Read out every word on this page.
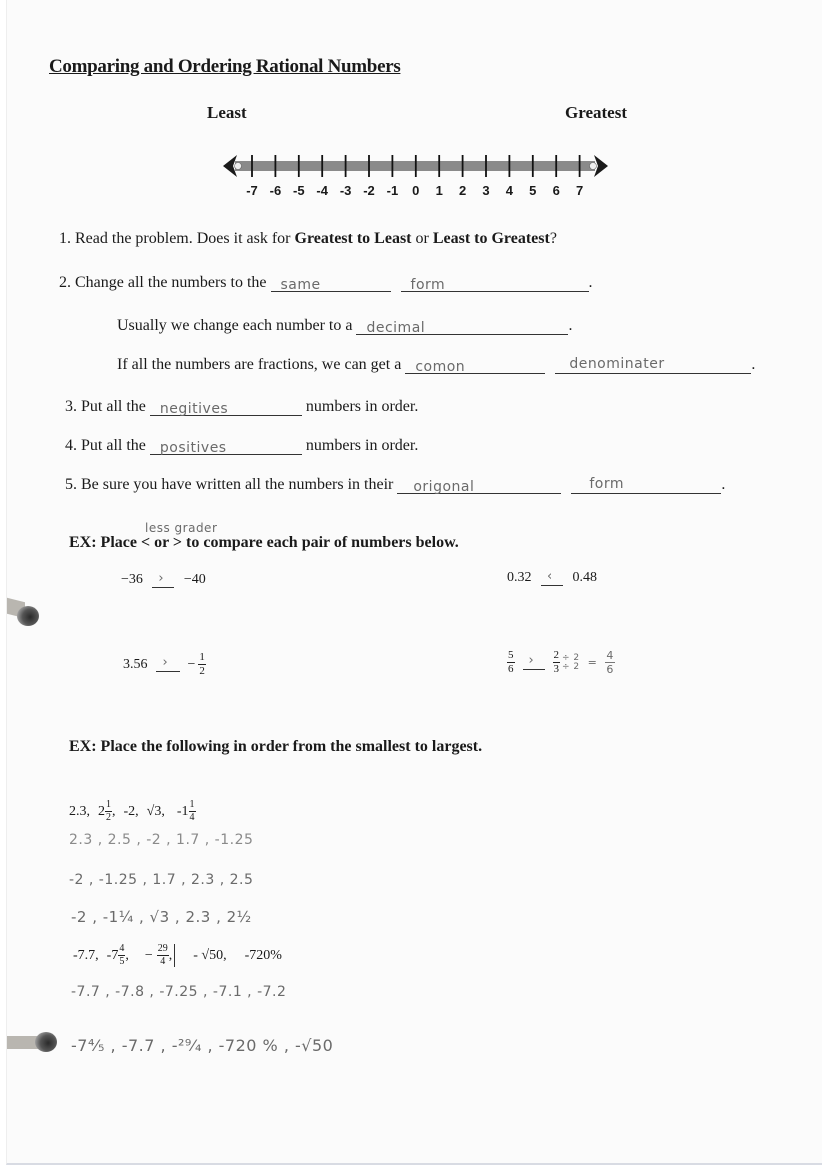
Comparing and Ordering Rational Numbers
Least	Greatest
-7 -6 -5 -4 -3 -2 -1 0 1 2 3 4 5 6 7
1. Read the problem. Does it ask for Greatest to Least or Least to Greatest?
2. Change all the numbers to the same
	form	.
Usually we change each number to a decimal	.
If all the numbers are fractions, we can get a comon
	denominater	.
3. Put all the negitives	numbers in order.
4. Put all the positives	numbers in order.
5. Be sure you have written all the numbers in their origonal
	form	.
less grader
EX: Place < or > to compare each pair of numbers below.
−36 › −40	0.32 ‹ 0.48
3.56 › − $\frac{1}{2}$	$\frac{5}{6}$ › $\frac{2}{3} \div 2$
÷ $2 = \frac{4}{6}$
EX: Place the following in order from the smallest to largest.
2.3, $2 \frac{1}{2}$ , -2, √3, $-1 \frac{1}{4}$
2.3 , 2.5 , -2 , 1.7 , -1.25
-2 , -1.25 , 1.7 , 2.3 , 2.5
-2 , -1¼ , √3 , 2.3 , 2½
-7.7, $-7 \frac{4}{5}$ , − $\frac{29}{4}$ , - √50, -720%
-7.7 , -7.8 , -7.25 , -7.1 , -7.2
-7⁴⁄₅ , -7.7 , -²⁹⁄₄ , -720 % , -√50
